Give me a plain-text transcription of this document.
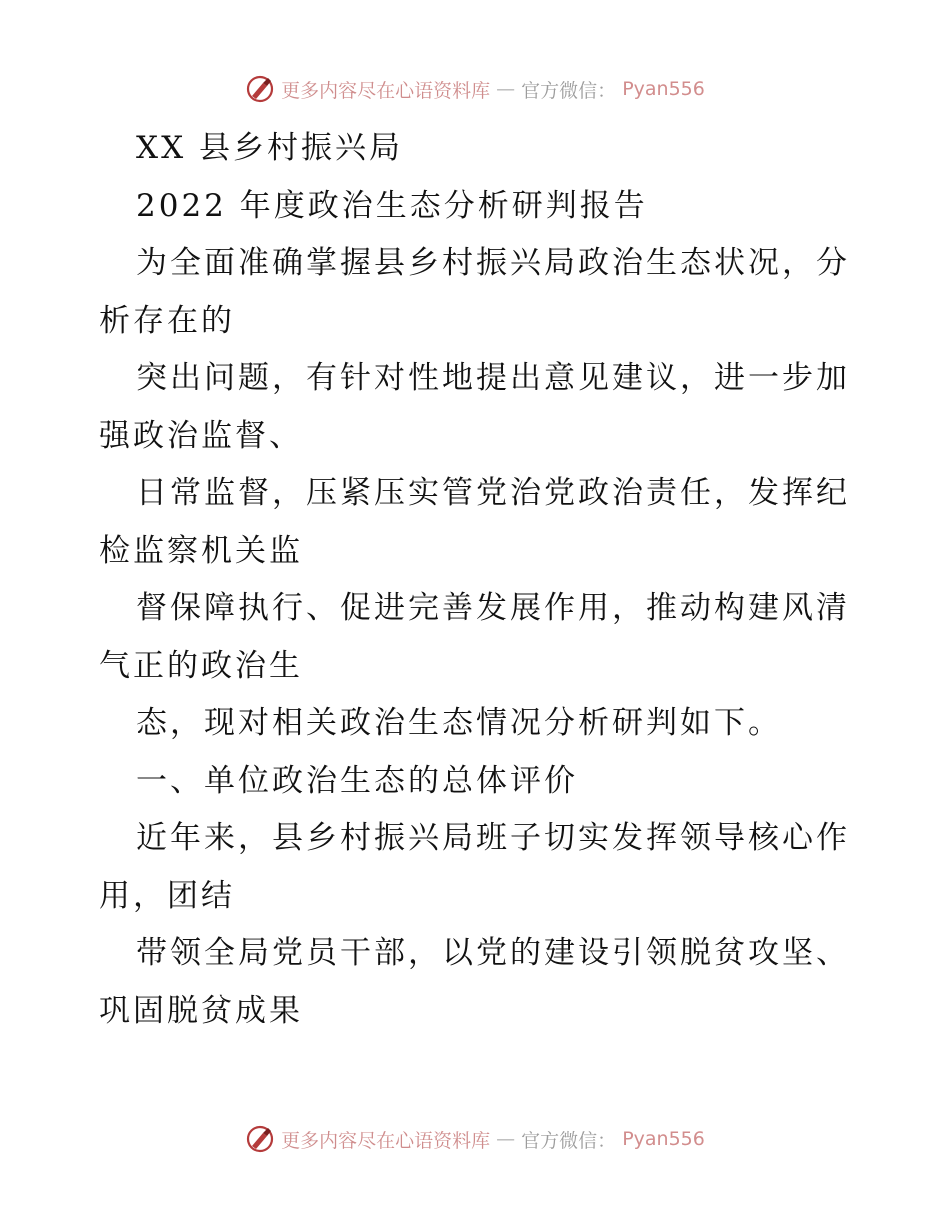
更多内容尽在心语资料库 — 官方微信： Pyan556
XX 县乡村振兴局
2022 年度政治生态分析研判报告
为全面准确掌握县乡村振兴局政治生态状况，分
析存在的
突出问题，有针对性地提出意见建议，进一步加
强政治监督、
日常监督，压紧压实管党治党政治责任，发挥纪
检监察机关监
督保障执行、促进完善发展作用，推动构建风清
气正的政治生
态，现对相关政治生态情况分析研判如下。
一、单位政治生态的总体评价
近年来，县乡村振兴局班子切实发挥领导核心作
用，团结
带领全局党员干部，以党的建设引领脱贫攻坚、
巩固脱贫成果
更多内容尽在心语资料库 — 官方微信： Pyan556
